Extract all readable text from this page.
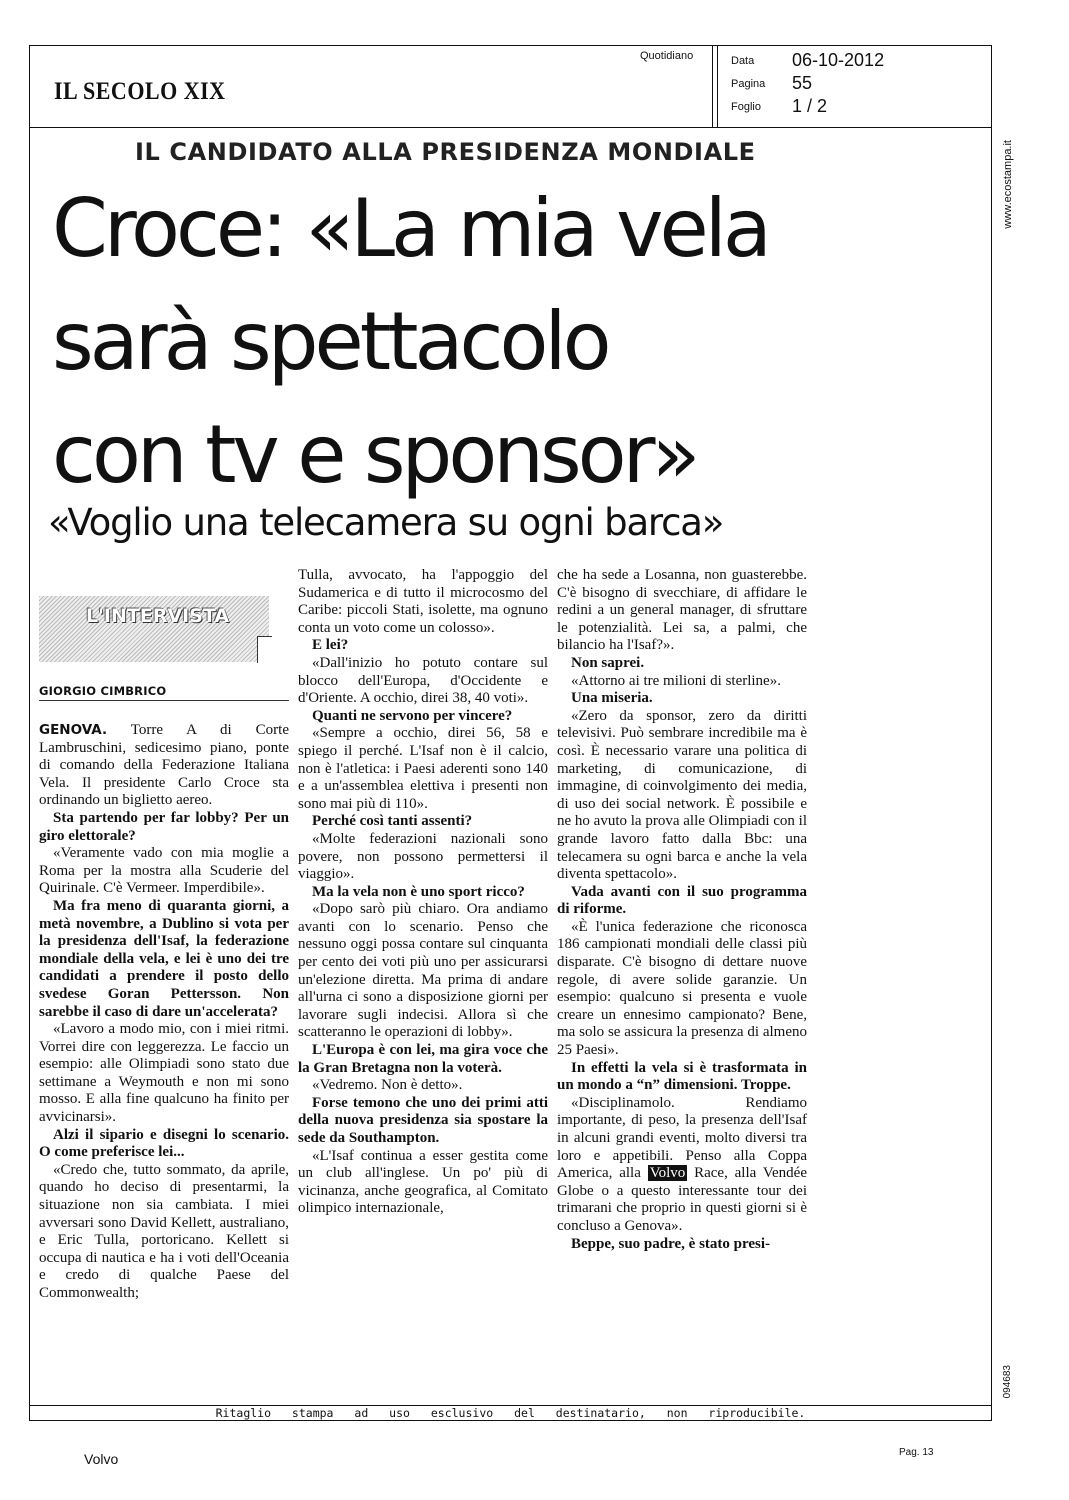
IL SECOLO XIX
Quotidiano	Data 06-10-2012
Pagina 55
Foglio 1 / 2
IL CANDIDATO ALLA PRESIDENZA MONDIALE
Croce: «La mia vela
sarà spettacolo
con tv e sponsor»
«Voglio una telecamera su ogni barca»
L'INTERVISTA
GIORGIO CIMBRICO

GENOVA. Torre A di Corte Lambruschini, sedicesimo piano, ponte di comando della Federazione Italiana Vela. Il presidente Carlo Croce sta ordinando un biglietto aereo.

Sta partendo per far lobby? Per un giro elettorale?

«Veramente vado con mia moglie a Roma per la mostra alla Scuderie del Quirinale. C'è Vermeer. Imperdibile».

Ma fra meno di quaranta giorni, a metà novembre, a Dublino si vota per la presidenza dell'Isaf, la federazione mondiale della vela, e lei è uno dei tre candidati a prendere il posto dello svedese Goran Pettersson. Non sarebbe il caso di dare un'accelerata?

«Lavoro a modo mio, con i miei ritmi. Vorrei dire con leggerezza. Le faccio un esempio: alle Olimpiadi sono stato due settimane a Weymouth e non mi sono mosso. E alla fine qualcuno ha finito per avvicinarsi».

Alzi il sipario e disegni lo scenario. O come preferisce lei...

«Credo che, tutto sommato, da aprile, quando ho deciso di presentarmi, la situazione non sia cambiata. I miei avversari sono David Kellett, australiano, e Eric Tulla, portoricano. Kellett si occupa di nautica e ha i voti dell'Oceania e credo di qualche Paese del Commonwealth;

Tulla, avvocato, ha l'appoggio del Sudamerica e di tutto il microcosmo del Caribe: piccoli Stati, isolette, ma ognuno conta un voto come un colosso».

E lei?

«Dall'inizio ho potuto contare sul blocco dell'Europa, d'Occidente e d'Oriente. A occhio, direi 38, 40 voti».

Quanti ne servono per vincere?

«Sempre a occhio, direi 56, 58 e spiego il perché. L'Isaf non è il calcio, non è l'atletica: i Paesi aderenti sono 140 e a un'assemblea elettiva i presenti non sono mai più di 110».

Perché così tanti assenti?

«Molte federazioni nazionali sono povere, non possono permettersi il viaggio».

Ma la vela non è uno sport ricco?

«Dopo sarò più chiaro. Ora andiamo avanti con lo scenario. Penso che nessuno oggi possa contare sul cinquanta per cento dei voti più uno per assicurarsi un'elezione diretta. Ma prima di andare all'urna ci sono a disposizione giorni per lavorare sugli indecisi. Allora sì che scatteranno le operazioni di lobby».

L'Europa è con lei, ma gira voce che la Gran Bretagna non la voterà.

«Vedremo. Non è detto».

Forse temono che uno dei primi atti della nuova presidenza sia spostare la sede da Southampton.

«L'Isaf continua a esser gestita come un club all'inglese. Un po' più di vicinanza, anche geografica, al Comitato olimpico internazionale,

che ha sede a Losanna, non guasterebbe. C'è bisogno di svecchiare, di affidare le redini a un general manager, di sfruttare le potenzialità. Lei sa, a palmi, che bilancio ha l'Isaf?».

Non saprei.

«Attorno ai tre milioni di sterline».

Una miseria.

«Zero da sponsor, zero da diritti televisivi. Può sembrare incredibile ma è così. È necessario varare una politica di marketing, di comunicazione, di immagine, di coinvolgimento dei media, di uso dei social network. È possibile e ne ho avuto la prova alle Olimpiadi con il grande lavoro fatto dalla Bbc: una telecamera su ogni barca e anche la vela diventa spettacolo».

Vada avanti con il suo programma di riforme.

«È l'unica federazione che riconosca 186 campionati mondiali delle classi più disparate. C'è bisogno di dettare nuove regole, di avere solide garanzie. Un esempio: qualcuno si presenta e vuole creare un ennesimo campionato? Bene, ma solo se assicura la presenza di almeno 25 Paesi».

In effetti la vela si è trasformata in un mondo a “n” dimensioni. Troppe.

«Disciplinamolo. Rendiamo importante, di peso, la presenza dell'Isaf in alcuni grandi eventi, molto diversi tra loro e appetibili. Penso alla Coppa America, alla Volvo Race, alla Vendée Globe o a questo interessante tour dei trimarani che proprio in questi giorni si è concluso a Genova».

Beppe, suo padre, è stato presi-

www.ecostampa.it
094683
Ritaglio stampa ad uso esclusivo del destinatario, non riproducibile.
Volvo	Pag. 13
